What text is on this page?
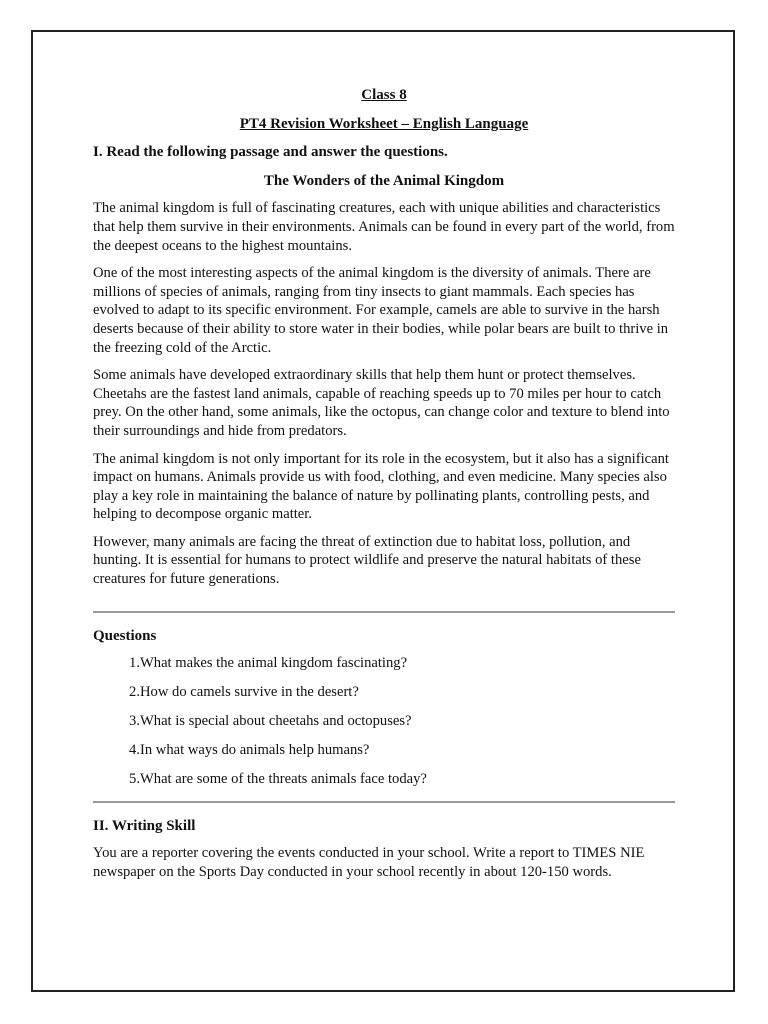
Class 8

PT4 Revision Worksheet – English Language

I. Read the following passage and answer the questions.

The Wonders of the Animal Kingdom

The animal kingdom is full of fascinating creatures, each with unique abilities and characteristics that help them survive in their environments. Animals can be found in every part of the world, from the deepest oceans to the highest mountains.

One of the most interesting aspects of the animal kingdom is the diversity of animals. There are millions of species of animals, ranging from tiny insects to giant mammals. Each species has evolved to adapt to its specific environment. For example, camels are able to survive in the harsh deserts because of their ability to store water in their bodies, while polar bears are built to thrive in the freezing cold of the Arctic.

Some animals have developed extraordinary skills that help them hunt or protect themselves. Cheetahs are the fastest land animals, capable of reaching speeds up to 70 miles per hour to catch prey. On the other hand, some animals, like the octopus, can change color and texture to blend into their surroundings and hide from predators.

The animal kingdom is not only important for its role in the ecosystem, but it also has a significant impact on humans. Animals provide us with food, clothing, and even medicine. Many species also play a key role in maintaining the balance of nature by pollinating plants, controlling pests, and helping to decompose organic matter.

However, many animals are facing the threat of extinction due to habitat loss, pollution, and hunting. It is essential for humans to protect wildlife and preserve the natural habitats of these creatures for future generations.

Questions

1. What makes the animal kingdom fascinating?
2. How do camels survive in the desert?
3. What is special about cheetahs and octopuses?
4. In what ways do animals help humans?
5. What are some of the threats animals face today?

II. Writing Skill

You are a reporter covering the events conducted in your school. Write a report to TIMES NIE newspaper on the Sports Day conducted in your school recently in about 120-150 words.
